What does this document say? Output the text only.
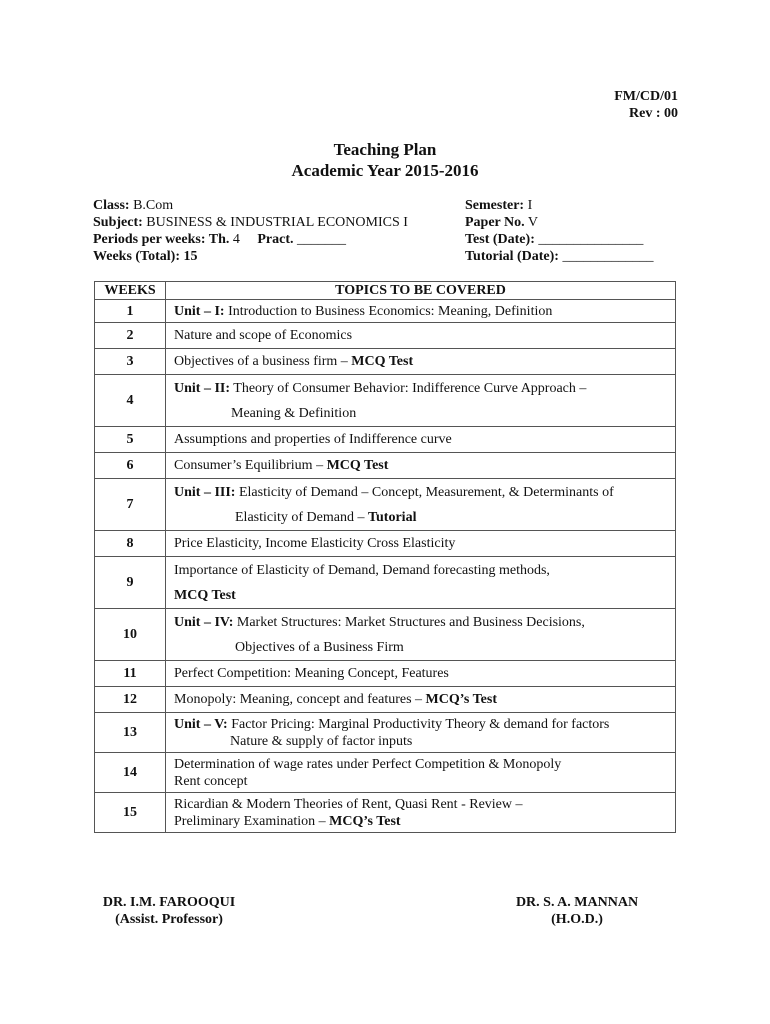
FM/CD/01
Rev : 00
Teaching Plan
Academic Year 2015-2016
Class: B.Com
Subject: BUSINESS & INDUSTRIAL ECONOMICS I
Periods per weeks: Th. 4 Pract. _______
Weeks (Total): 15
Semester: I
Paper No. V
Test (Date): _______________
Tutorial (Date): _____________
WEEKS	TOPICS TO BE COVERED
1	Unit – I: Introduction to Business Economics: Meaning, Definition
2	Nature and scope of Economics
3	Objectives of a business firm – MCQ Test
4	Unit – II: Theory of Consumer Behavior: Indifference Curve Approach –
Meaning & Definition

5	Assumptions and properties of Indifference curve
6	Consumer’s Equilibrium – MCQ Test
7	Unit – III: Elasticity of Demand – Concept, Measurement, & Determinants of
Elasticity of Demand – Tutorial

8	Price Elasticity, Income Elasticity Cross Elasticity
9	Importance of Elasticity of Demand, Demand forecasting methods,
MCQ Test

10	Unit – IV: Market Structures: Market Structures and Business Decisions,
Objectives of a Business Firm

11	Perfect Competition: Meaning Concept, Features
12	Monopoly: Meaning, concept and features – MCQ’s Test
13	Unit – V: Factor Pricing: Marginal Productivity Theory & demand for factors
Nature & supply of factor inputs

14	Determination of wage rates under Perfect Competition & Monopoly
Rent concept

15	Ricardian & Modern Theories of Rent, Quasi Rent - Review –
Preliminary Examination – MCQ’s Test
DR. I.M. FAROOQUI
(Assist. Professor)
DR. S. A. MANNAN
(H.O.D.)
